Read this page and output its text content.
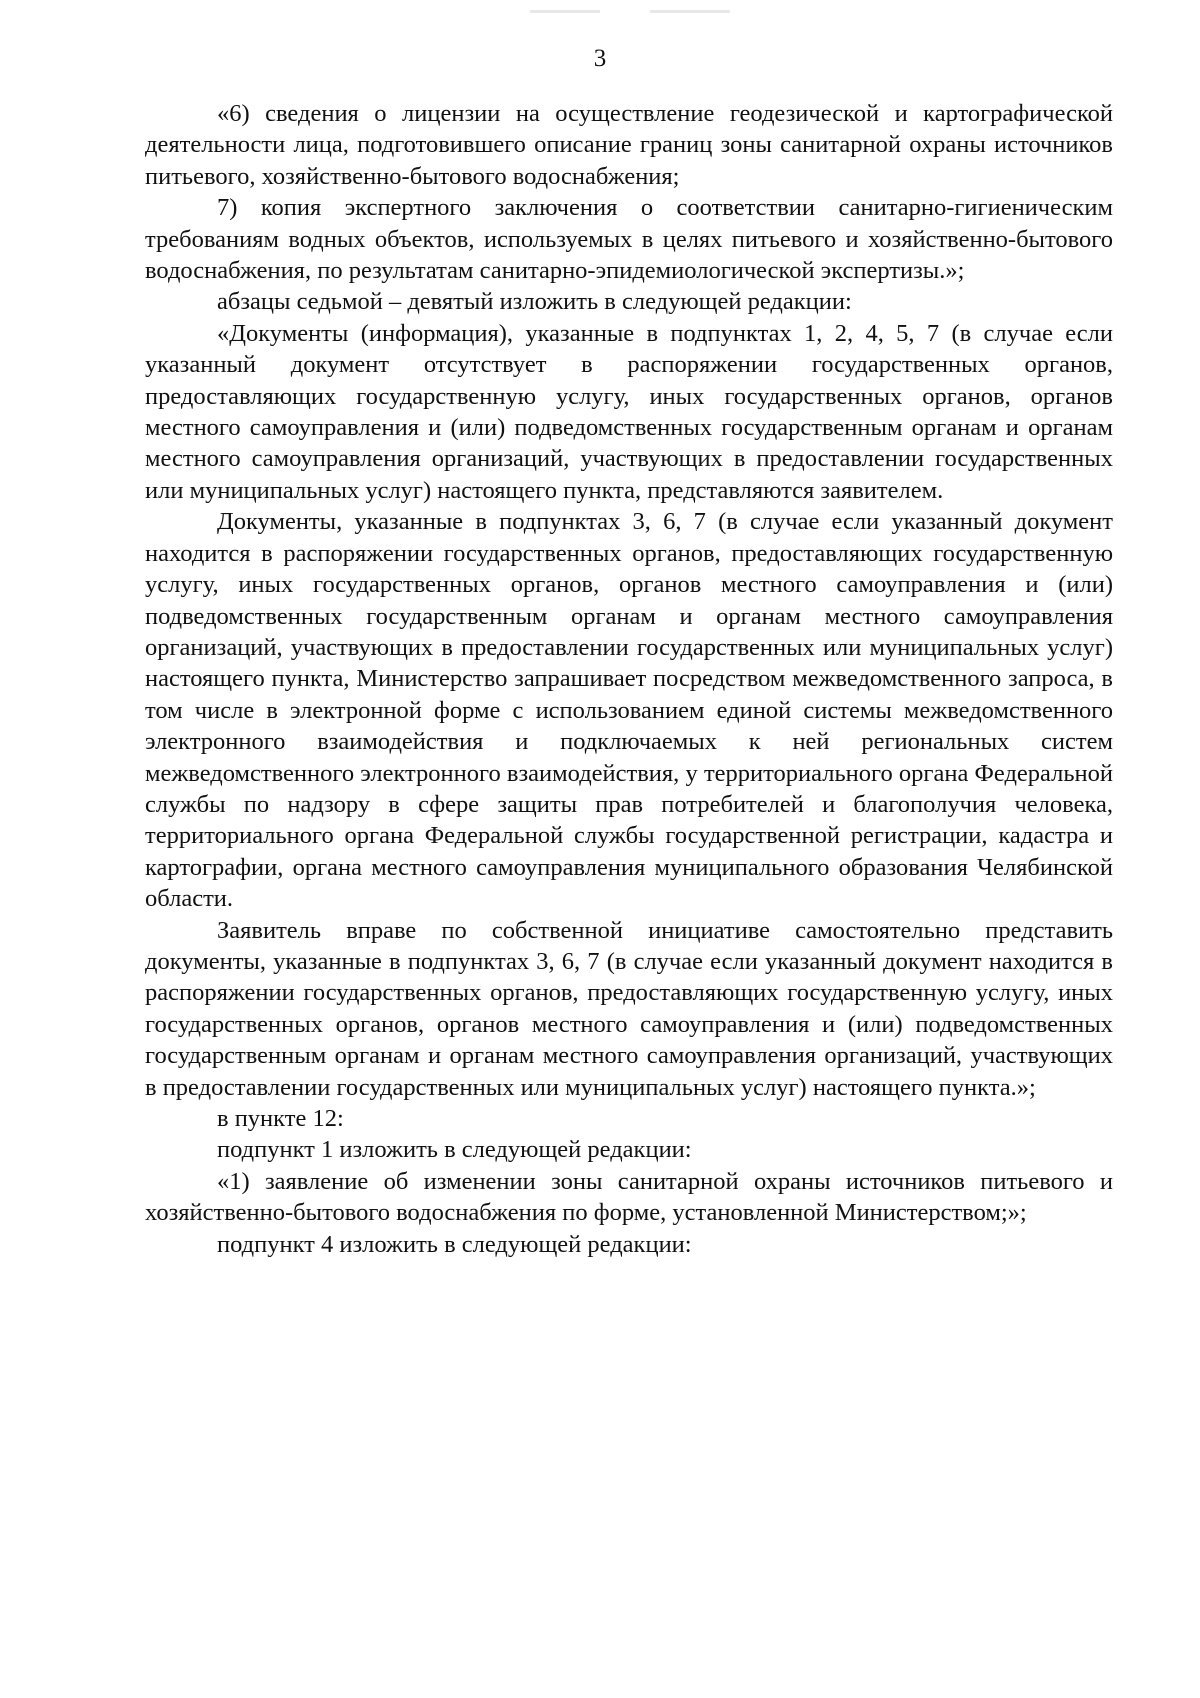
3

«6) сведения о лицензии на осуществление геодезической и картографической деятельности лица, подготовившего описание границ зоны санитарной охраны источников питьевого, хозяйственно-бытового водоснабжения;

7) копия экспертного заключения о соответствии санитарно-гигиеническим требованиям водных объектов, используемых в целях питьевого и хозяйственно-бытового водоснабжения, по результатам санитарно-эпидемиологической экспертизы.»;

абзацы седьмой – девятый изложить в следующей редакции:

«Документы (информация), указанные в подпунктах 1, 2, 4, 5, 7 (в случае если указанный документ отсутствует в распоряжении государственных органов, предоставляющих государственную услугу, иных государственных органов, органов местного самоуправления и (или) подведомственных государственным органам и органам местного самоуправления организаций, участвующих в предоставлении государственных или муниципальных услуг) настоящего пункта, представляются заявителем.

Документы, указанные в подпунктах 3, 6, 7 (в случае если указанный документ находится в распоряжении государственных органов, предоставляющих государственную услугу, иных государственных органов, органов местного самоуправления и (или) подведомственных государственным органам и органам местного самоуправления организаций, участвующих в предоставлении государственных или муниципальных услуг) настоящего пункта, Министерство запрашивает посредством межведомственного запроса, в том числе в электронной форме с использованием единой системы межведомственного электронного взаимодействия и подключаемых к ней региональных систем межведомственного электронного взаимодействия, у территориального органа Федеральной службы по надзору в сфере защиты прав потребителей и благополучия человека, территориального органа Федеральной службы государственной регистрации, кадастра и картографии, органа местного самоуправления муниципального образования Челябинской области.

Заявитель вправе по собственной инициативе самостоятельно представить документы, указанные в подпунктах 3, 6, 7 (в случае если указанный документ находится в распоряжении государственных органов, предоставляющих государственную услугу, иных государственных органов, органов местного самоуправления и (или) подведомственных государственным органам и органам местного самоуправления организаций, участвующих в предоставлении государственных или муниципальных услуг) настоящего пункта.»;

в пункте 12:

подпункт 1 изложить в следующей редакции:

«1) заявление об изменении зоны санитарной охраны источников питьевого и хозяйственно-бытового водоснабжения по форме, установленной Министерством;»;

подпункт 4 изложить в следующей редакции:
